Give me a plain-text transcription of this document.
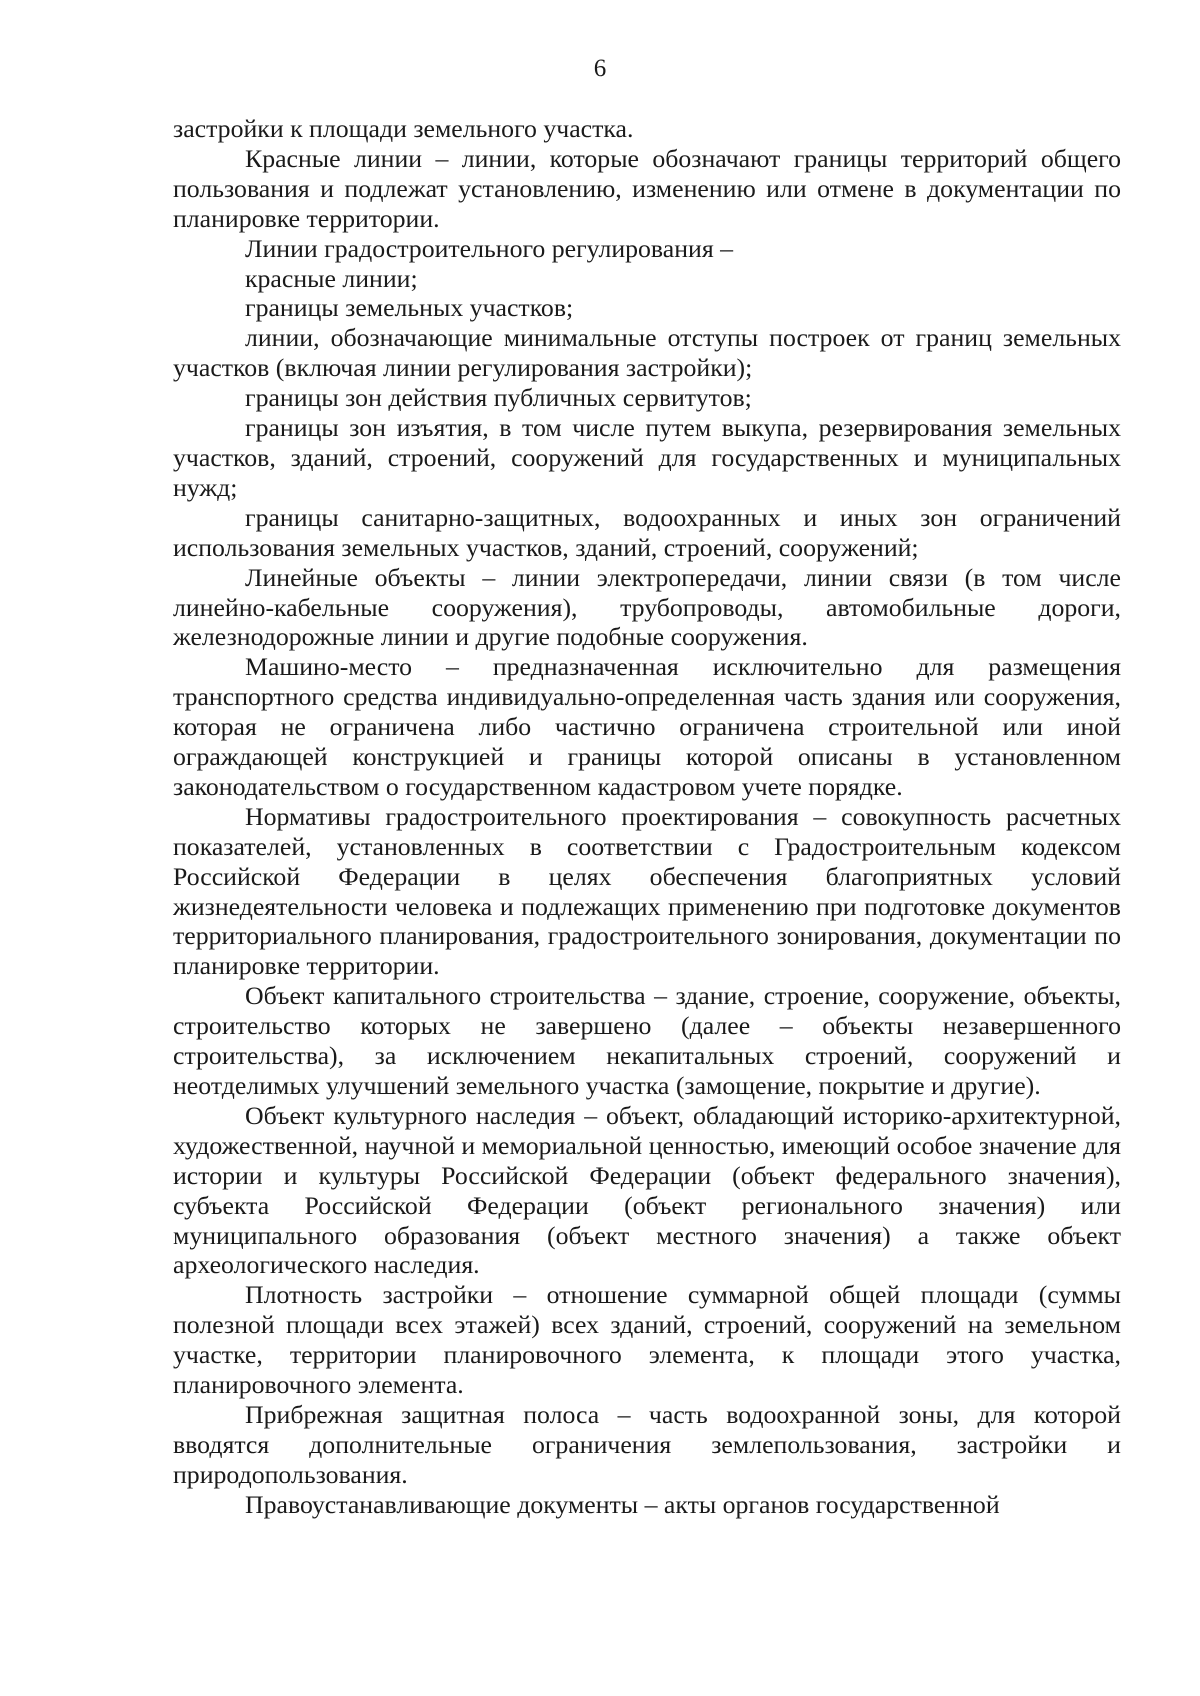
6

застройки к площади земельного участка.

Красные линии – линии, которые обозначают границы территорий общего пользования и подлежат установлению, изменению или отмене в документации по планировке территории.

Линии градостроительного регулирования –

красные линии;

границы земельных участков;

линии, обозначающие минимальные отступы построек от границ земельных участков (включая линии регулирования застройки);

границы зон действия публичных сервитутов;

границы зон изъятия, в том числе путем выкупа, резервирования земельных участков, зданий, строений, сооружений для государственных и муниципальных нужд;

границы санитарно-защитных, водоохранных и иных зон ограничений использования земельных участков, зданий, строений, сооружений;

Линейные объекты – линии электропередачи, линии связи (в том числе линейно-кабельные сооружения), трубопроводы, автомобильные дороги, железнодорожные линии и другие подобные сооружения.

Машино-место – предназначенная исключительно для размещения транспортного средства индивидуально-определенная часть здания или сооружения, которая не ограничена либо частично ограничена строительной или иной ограждающей конструкцией и границы которой описаны в установленном законодательством о государственном кадастровом учете порядке.

Нормативы градостроительного проектирования – совокупность расчетных показателей, установленных в соответствии с Градостроительным кодексом Российской Федерации в целях обеспечения благоприятных условий жизнедеятельности человека и подлежащих применению при подготовке документов территориального планирования, градостроительного зонирования, документации по планировке территории.

Объект капитального строительства – здание, строение, сооружение, объекты, строительство которых не завершено (далее – объекты незавершенного строительства), за исключением некапитальных строений, сооружений и неотделимых улучшений земельного участка (замощение, покрытие и другие).

Объект культурного наследия – объект, обладающий историко-архитектурной, художественной, научной и мемориальной ценностью, имеющий особое значение для истории и культуры Российской Федерации (объект федерального значения), субъекта Российской Федерации (объект регионального значения) или муниципального образования (объект местного значения) а также объект археологического наследия.

Плотность застройки – отношение суммарной общей площади (суммы полезной площади всех этажей) всех зданий, строений, сооружений на земельном участке, территории планировочного элемента, к площади этого участка, планировочного элемента.

Прибрежная защитная полоса – часть водоохранной зоны, для которой вводятся дополнительные ограничения землепользования, застройки и природопользования.

Правоустанавливающие документы – акты органов государственной
